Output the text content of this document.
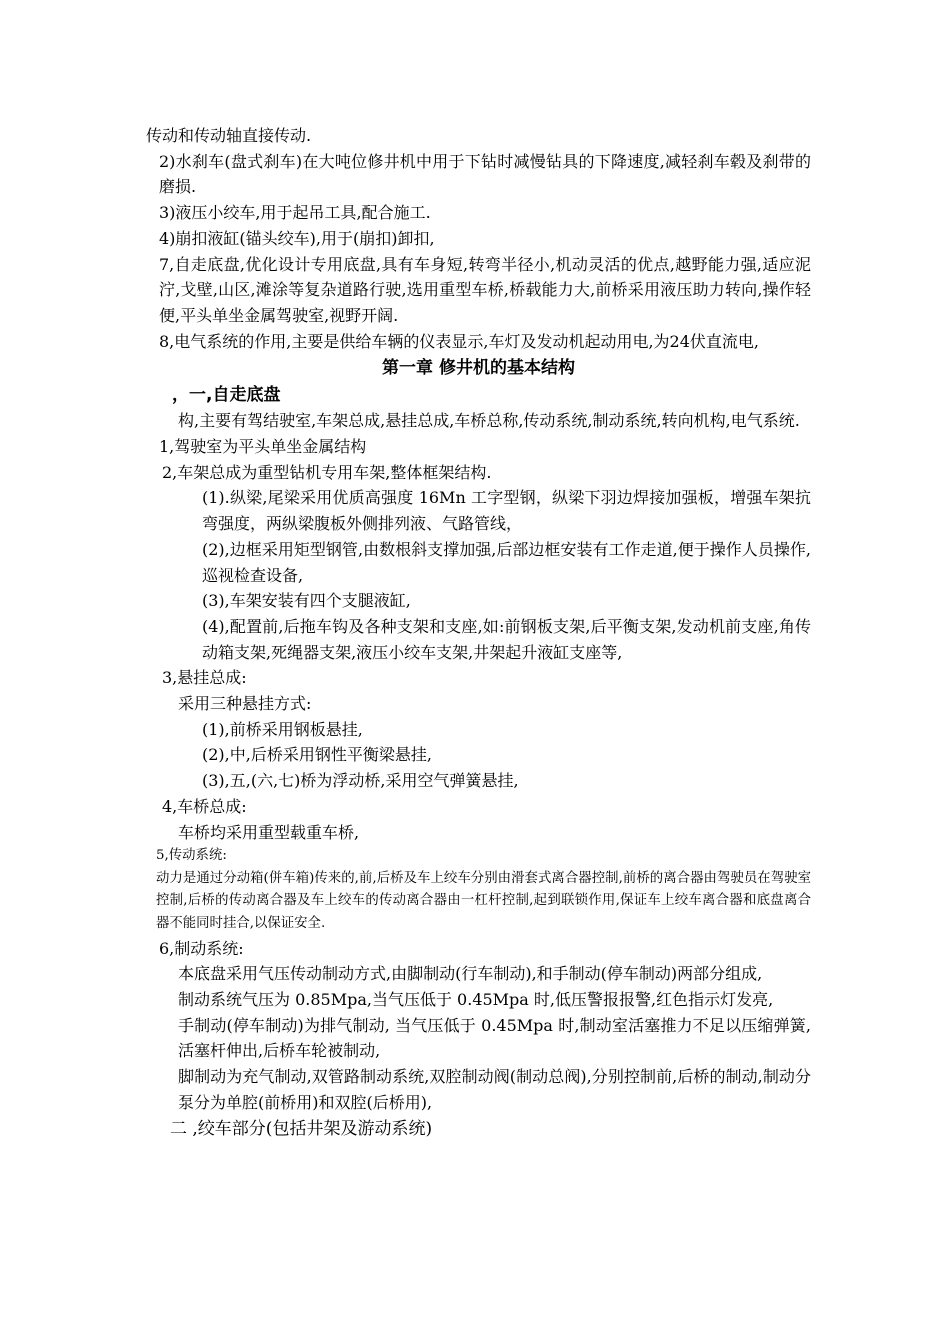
传动和传动轴直接传动.

2)水刹车(盘式刹车)在大吨位修井机中用于下钻时减慢钻具的下降速度,减轻刹车毂及刹带的磨损.

3)液压小绞车,用于起吊工具,配合施工.

4)崩扣液缸(锚头绞车),用于(崩扣)卸扣,

7,自走底盘,优化设计专用底盘,具有车身短,转弯半径小,机动灵活的优点,越野能力强,适应泥泞,戈壁,山区,滩涂等复杂道路行驶,选用重型车桥,桥载能力大,前桥采用液压助力转向,操作轻便,平头单坐金属驾驶室,视野开阔.

8,电气系统的作用,主要是供给车辆的仪表显示,车灯及发动机起动用电,为24伏直流电,

第一章 修井机的基本结构

，一,自走底盘

构,主要有驾结驶室,车架总成,悬挂总成,车桥总称,传动系统,制动系统,转向机构,电气系统.

1,驾驶室为平头单坐金属结构

2,车架总成为重型钻机专用车架,整体框架结构.

(1).纵梁,尾梁采用优质高强度 16Mn 工字型钢，纵梁下羽边焊接加强板，增强车架抗弯强度，两纵梁腹板外侧排列液、气路管线，

(2),边框采用矩型钢管,由数根斜支撑加强,后部边框安装有工作走道,便于操作人员操作,巡视检查设备,

(3),车架安装有四个支腿液缸,

(4),配置前,后拖车钩及各种支架和支座,如:前钢板支架,后平衡支架,发动机前支座,角传动箱支架,死绳器支架,液压小绞车支架,井架起升液缸支座等,

3,悬挂总成:

采用三种悬挂方式:

(1),前桥采用钢板悬挂,

(2),中,后桥采用钢性平衡梁悬挂,

(3),五,(六,七)桥为浮动桥,采用空气弹簧悬挂,

4,车桥总成:

车桥均采用重型载重车桥,

5,传动系统:

动力是通过分动箱(併车箱)传来的,前,后桥及车上绞车分别由滑套式离合器控制,前桥的离合器由驾驶员在驾驶室控制,后桥的传动离合器及车上绞车的传动离合器由一杠杆控制,起到联锁作用,保证车上绞车离合器和底盘离合器不能同时挂合,以保证安全.

6,制动系统:

本底盘采用气压传动制动方式,由脚制动(行车制动),和手制动(停车制动)两部分组成,

制动系统气压为 0.85Mpa,当气压低于 0.45Mpa 时,低压警报报警,红色指示灯发亮,

手制动(停车制动)为排气制动, 当气压低于 0.45Mpa 时,制动室活塞推力不足以压缩弹簧,活塞杆伸出,后桥车轮被制动,

脚制动为充气制动,双管路制动系统,双腔制动阀(制动总阀),分别控制前,后桥的制动,制动分泵分为单腔(前桥用)和双腔(后桥用),

二 ,绞车部分(包括井架及游动系统)
